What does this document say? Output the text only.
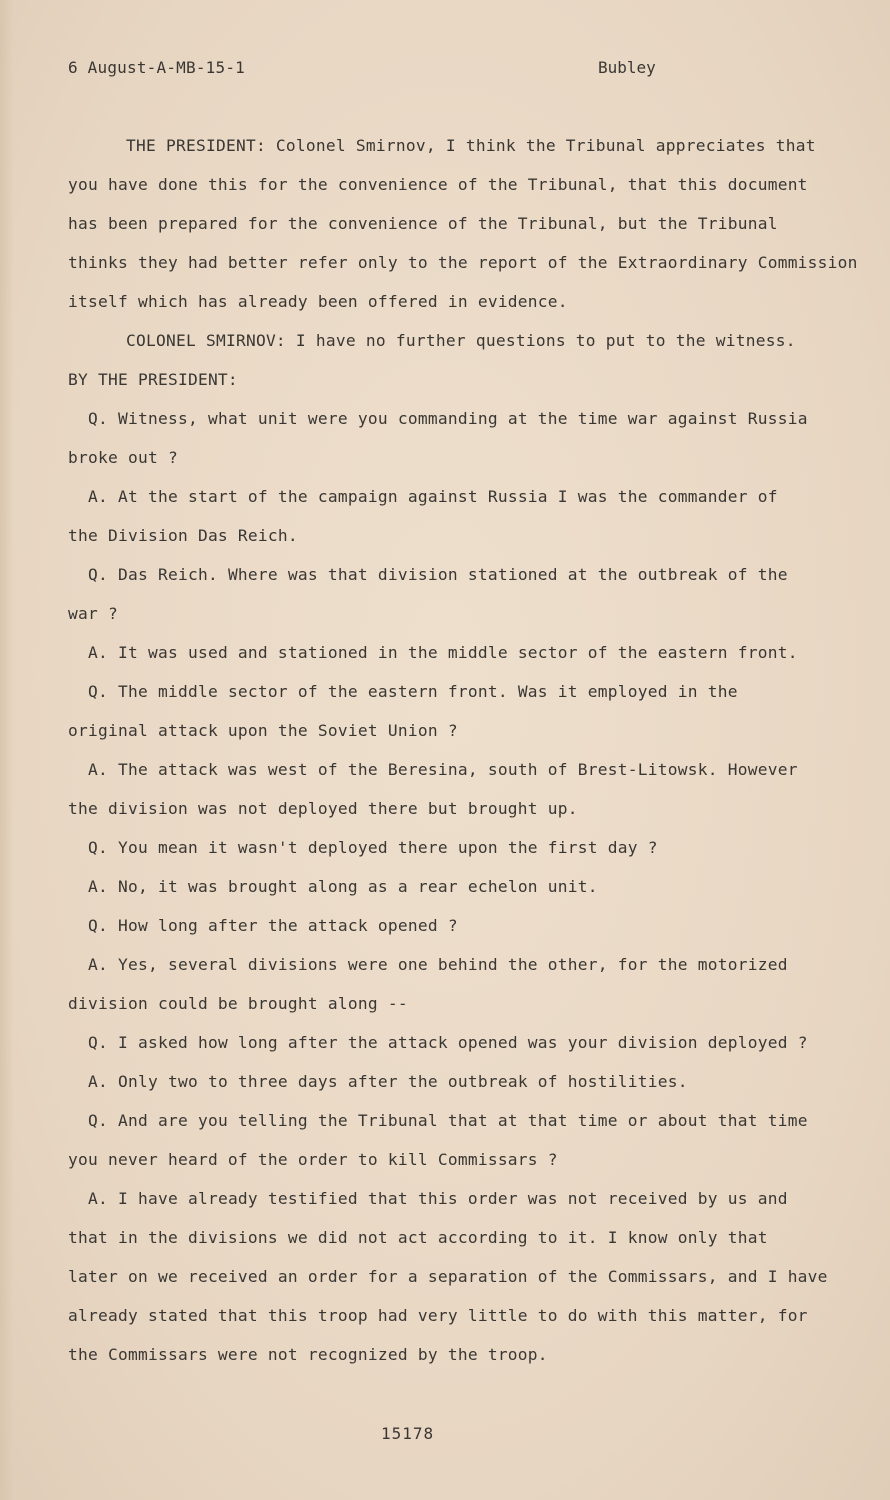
6 August-A-MB-15-1	Bubley
THE PRESIDENT: Colonel Smirnov, I think the Tribunal appreciates that
you have done this for the convenience of the Tribunal, that this document
has been prepared for the convenience of the Tribunal, but the Tribunal
thinks they had better refer only to the report of the Extraordinary Commission
itself which has already been offered in evidence.
COLONEL SMIRNOV: I have no further questions to put to the witness.
BY THE PRESIDENT:
Q. Witness, what unit were you commanding at the time war against Russia
broke out ?
A. At the start of the campaign against Russia I was the commander of
the Division Das Reich.
Q. Das Reich. Where was that division stationed at the outbreak of the
war ?
A. It was used and stationed in the middle sector of the eastern front.
Q. The middle sector of the eastern front. Was it employed in the
original attack upon the Soviet Union ?
A. The attack was west of the Beresina, south of Brest-Litowsk. However
the division was not deployed there but brought up.
Q. You mean it wasn't deployed there upon the first day ?
A. No, it was brought along as a rear echelon unit.
Q. How long after the attack opened ?
A. Yes, several divisions were one behind the other, for the motorized
division could be brought along --
Q. I asked how long after the attack opened was your division deployed ?
A. Only two to three days after the outbreak of hostilities.
Q. And are you telling the Tribunal that at that time or about that time
you never heard of the order to kill Commissars ?
A. I have already testified that this order was not received by us and
that in the divisions we did not act according to it. I know only that
later on we received an order for a separation of the Commissars, and I have
already stated that this troop had very little to do with this matter, for
the Commissars were not recognized by the troop.
15178
